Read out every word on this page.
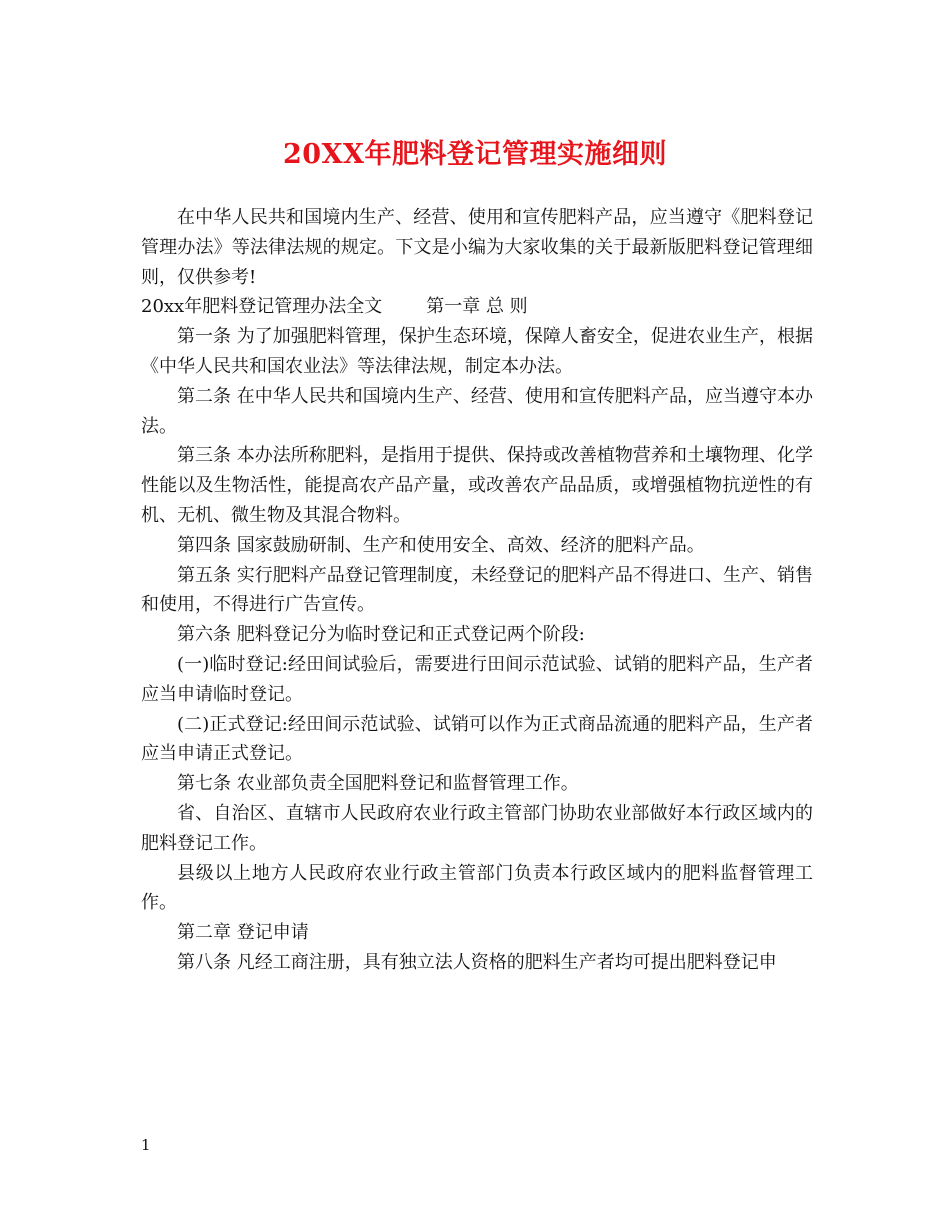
20XX年肥料登记管理实施细则

在中华人民共和国境内生产、经营、使用和宣传肥料产品，应当遵守《肥料登记管理办法》等法律法规的规定。下文是小编为大家收集的关于最新版肥料登记管理细则，仅供参考!

20xx年肥料登记管理办法全文 第一章 总 则

第一条 为了加强肥料管理，保护生态环境，保障人畜安全，促进农业生产，根据《中华人民共和国农业法》等法律法规，制定本办法。

第二条 在中华人民共和国境内生产、经营、使用和宣传肥料产品，应当遵守本办法。

第三条 本办法所称肥料，是指用于提供、保持或改善植物营养和土壤物理、化学性能以及生物活性，能提高农产品产量，或改善农产品品质，或增强植物抗逆性的有机、无机、微生物及其混合物料。

第四条 国家鼓励研制、生产和使用安全、高效、经济的肥料产品。

第五条 实行肥料产品登记管理制度，未经登记的肥料产品不得进口、生产、销售和使用，不得进行广告宣传。

第六条 肥料登记分为临时登记和正式登记两个阶段:

(一)临时登记:经田间试验后，需要进行田间示范试验、试销的肥料产品，生产者应当申请临时登记。

(二)正式登记:经田间示范试验、试销可以作为正式商品流通的肥料产品，生产者应当申请正式登记。

第七条 农业部负责全国肥料登记和监督管理工作。

省、自治区、直辖市人民政府农业行政主管部门协助农业部做好本行政区域内的肥料登记工作。

县级以上地方人民政府农业行政主管部门负责本行政区域内的肥料监督管理工作。

第二章 登记申请

第八条 凡经工商注册，具有独立法人资格的肥料生产者均可提出肥料登记申

1
